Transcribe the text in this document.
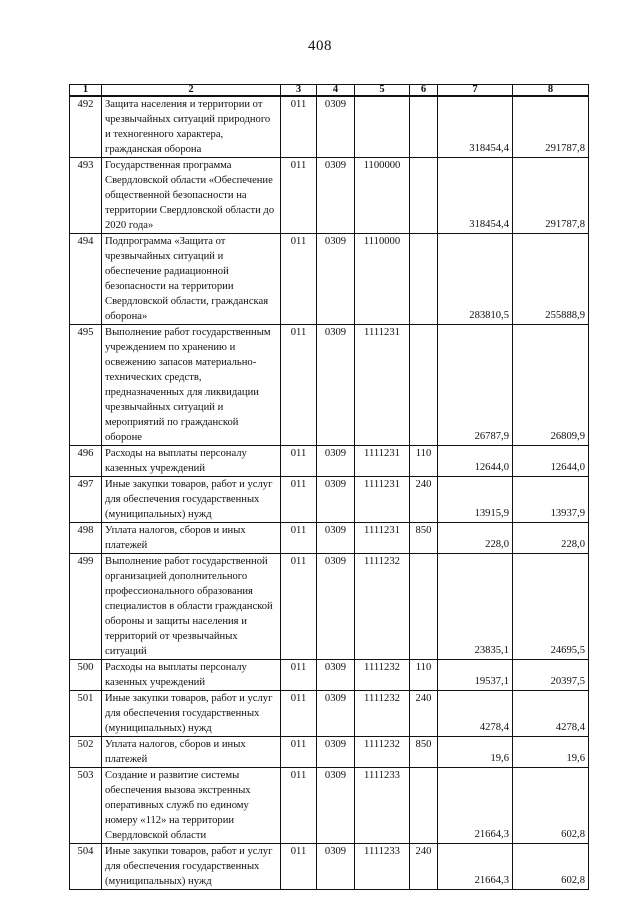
408
1	2	3	4	5	6	7	8
492	Защита населения и территории от чрезвычайных ситуаций природного и техногенного характера, гражданская оборона	011	0309			318454,4	291787,8
493	Государственная программа Свердловской области «Обеспечение общественной безопасности на территории Свердловской области до 2020 года»	011	0309	1100000		318454,4	291787,8
494	Подпрограмма «Защита от чрезвычайных ситуаций и обеспечение радиационной безопасности на территории Свердловской области, гражданская оборона»	011	0309	1110000		283810,5	255888,9
495	Выполнение работ государственным учреждением по хранению и освежению запасов материально-технических средств, предназначенных для ликвидации чрезвычайных ситуаций и мероприятий по гражданской обороне	011	0309	1111231		26787,9	26809,9
496	Расходы на выплаты персоналу казенных учреждений	011	0309	1111231	110	12644,0	12644,0
497	Иные закупки товаров, работ и услуг для обеспечения государственных (муниципальных) нужд	011	0309	1111231	240	13915,9	13937,9
498	Уплата налогов, сборов и иных платежей	011	0309	1111231	850	228,0	228,0
499	Выполнение работ государственной организацией дополнительного профессионального образования специалистов в области гражданской обороны и защиты населения и территорий от чрезвычайных ситуаций	011	0309	1111232		23835,1	24695,5
500	Расходы на выплаты персоналу казенных учреждений	011	0309	1111232	110	19537,1	20397,5
501	Иные закупки товаров, работ и услуг для обеспечения государственных (муниципальных) нужд	011	0309	1111232	240	4278,4	4278,4
502	Уплата налогов, сборов и иных платежей	011	0309	1111232	850	19,6	19,6
503	Создание и развитие системы обеспечения вызова экстренных оперативных служб по единому номеру «112» на территории Свердловской области	011	0309	1111233		21664,3	602,8
504	Иные закупки товаров, работ и услуг для обеспечения государственных (муниципальных) нужд	011	0309	1111233	240	21664,3	602,8
